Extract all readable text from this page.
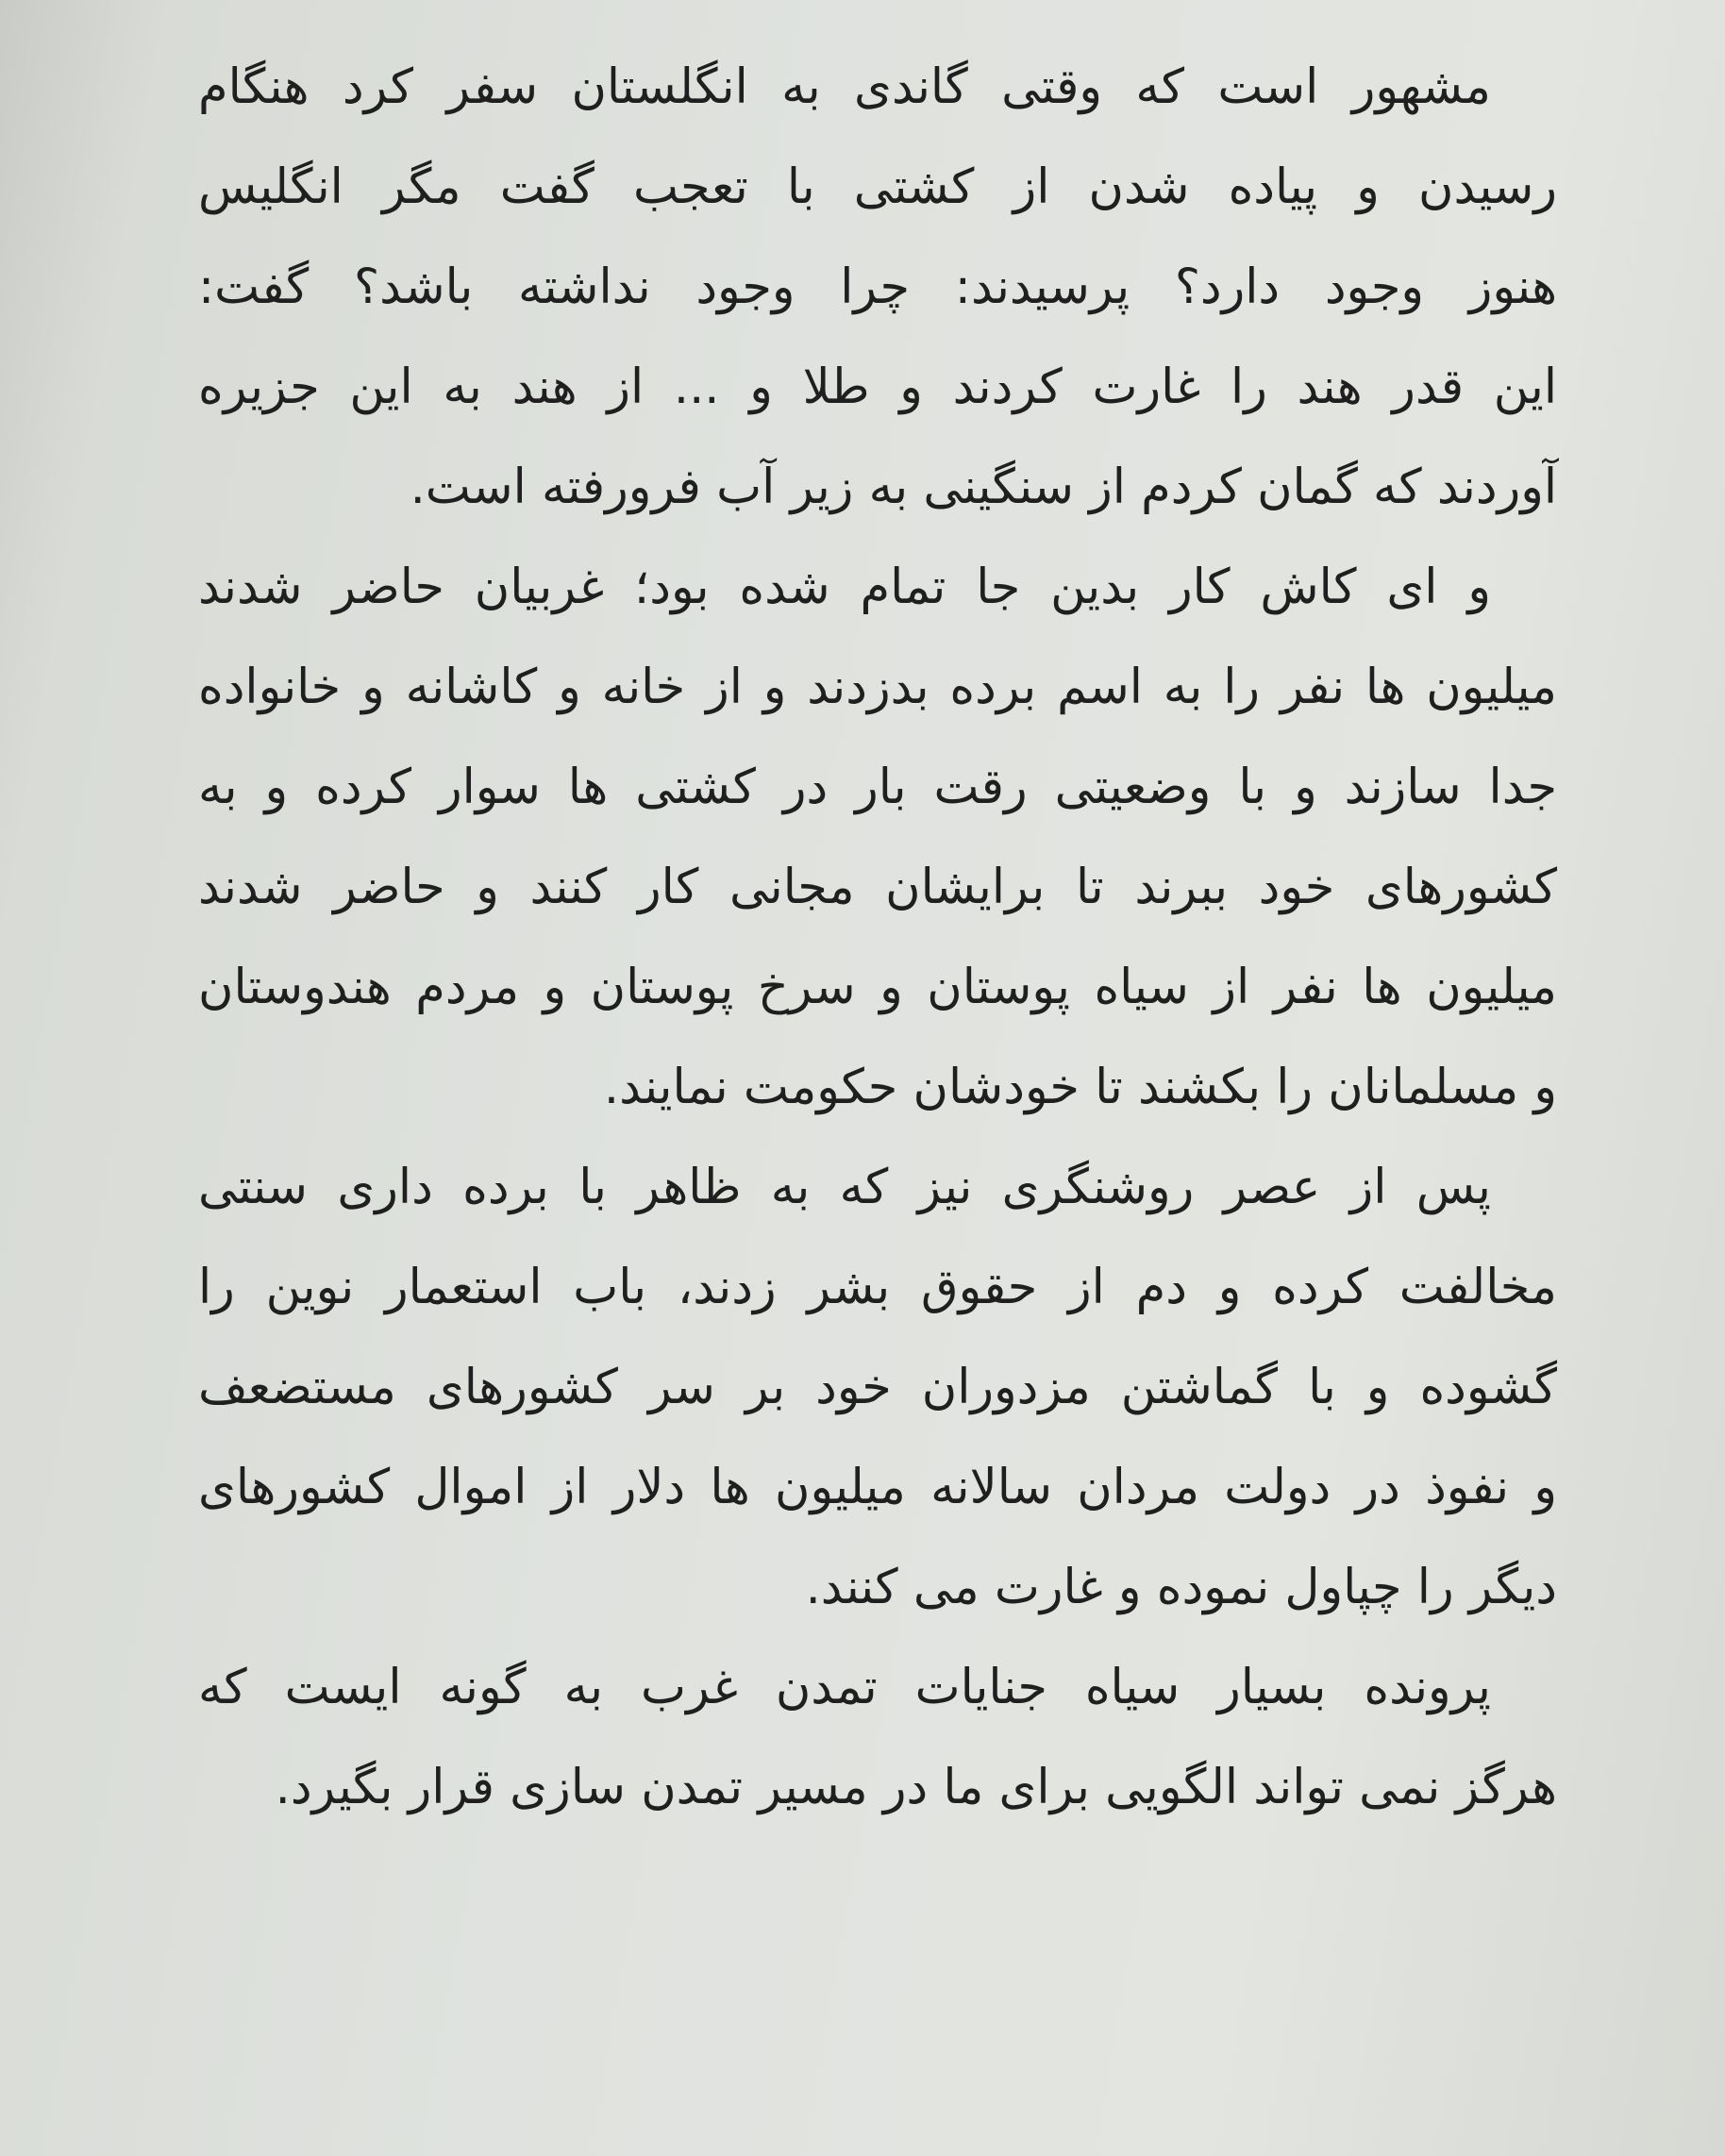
مشهور است که وقتی گاندی به انگلستان سفر کرد هنگام
رسیدن و پیاده شدن از کشتی با تعجب گفت مگر انگلیس
هنوز وجود دارد؟ پرسیدند: چرا وجود نداشته باشد؟ گفت:
این قدر هند را غارت کردند و طلا و ... از هند به این جزیره
آوردند که گمان کردم از سنگینی به زیر آب فرورفته است.
و ای کاش کار بدین جا تمام شده بود؛ غربیان حاضر شدند
میلیون ها نفر را به اسم برده بدزدند و از خانه و کاشانه و خانواده
جدا سازند و با وضعیتی رقت بار در کشتی ها سوار کرده و به
کشورهای خود ببرند تا برایشان مجانی کار کنند و حاضر شدند
میلیون ها نفر از سیاه پوستان و سرخ پوستان و مردم هندوستان
و مسلمانان را بکشند تا خودشان حکومت نمایند.
پس از عصر روشنگری نیز که به ظاهر با برده داری سنتی
مخالفت کرده و دم از حقوق بشر زدند، باب استعمار نوین را
گشوده و با گماشتن مزدوران خود بر سر کشورهای مستضعف
و نفوذ در دولت مردان سالانه میلیون ها دلار از اموال کشورهای
دیگر را چپاول نموده و غارت می کنند.
پرونده بسیار سیاه جنایات تمدن غرب به گونه ایست که
هرگز نمی تواند الگویی برای ما در مسیر تمدن سازی قرار بگیرد.
